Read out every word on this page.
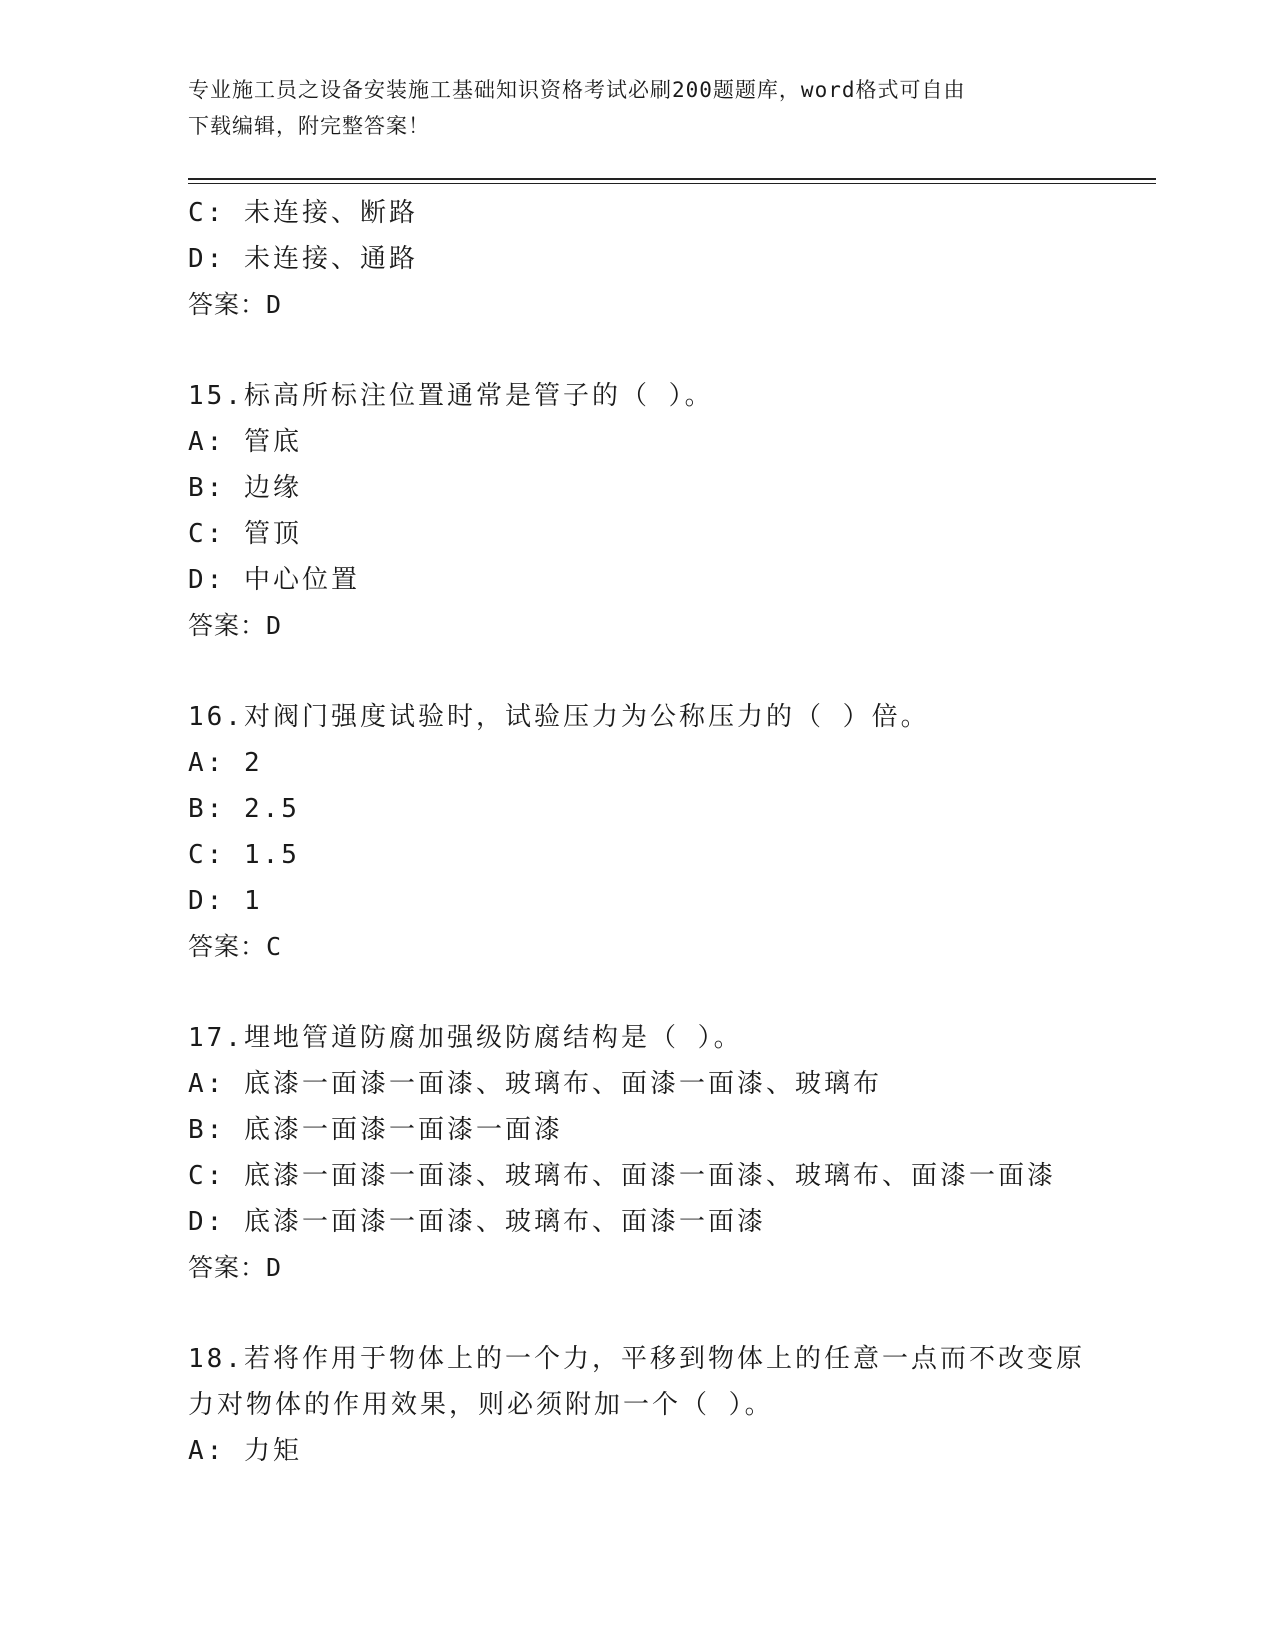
专业施工员之设备安装施工基础知识资格考试必刷200题题库，word格式可自由
下载编辑，附完整答案！
C: 未连接、断路
D: 未连接、通路
答案：D
15.标高所标注位置通常是管子的（ ）。
A: 管底
B: 边缘
C: 管顶
D: 中心位置
答案：D
16.对阀门强度试验时，试验压力为公称压力的（ ）倍。
A: 2
B: 2.5
C: 1.5
D: 1
答案：C
17.埋地管道防腐加强级防腐结构是（ ）。
A: 底漆一面漆一面漆、玻璃布、面漆一面漆、玻璃布
B: 底漆一面漆一面漆一面漆
C: 底漆一面漆一面漆、玻璃布、面漆一面漆、玻璃布、面漆一面漆
D: 底漆一面漆一面漆、玻璃布、面漆一面漆
答案：D
18.若将作用于物体上的一个力，平移到物体上的任意一点而不改变原
力对物体的作用效果，则必须附加一个（ ）。
A: 力矩
